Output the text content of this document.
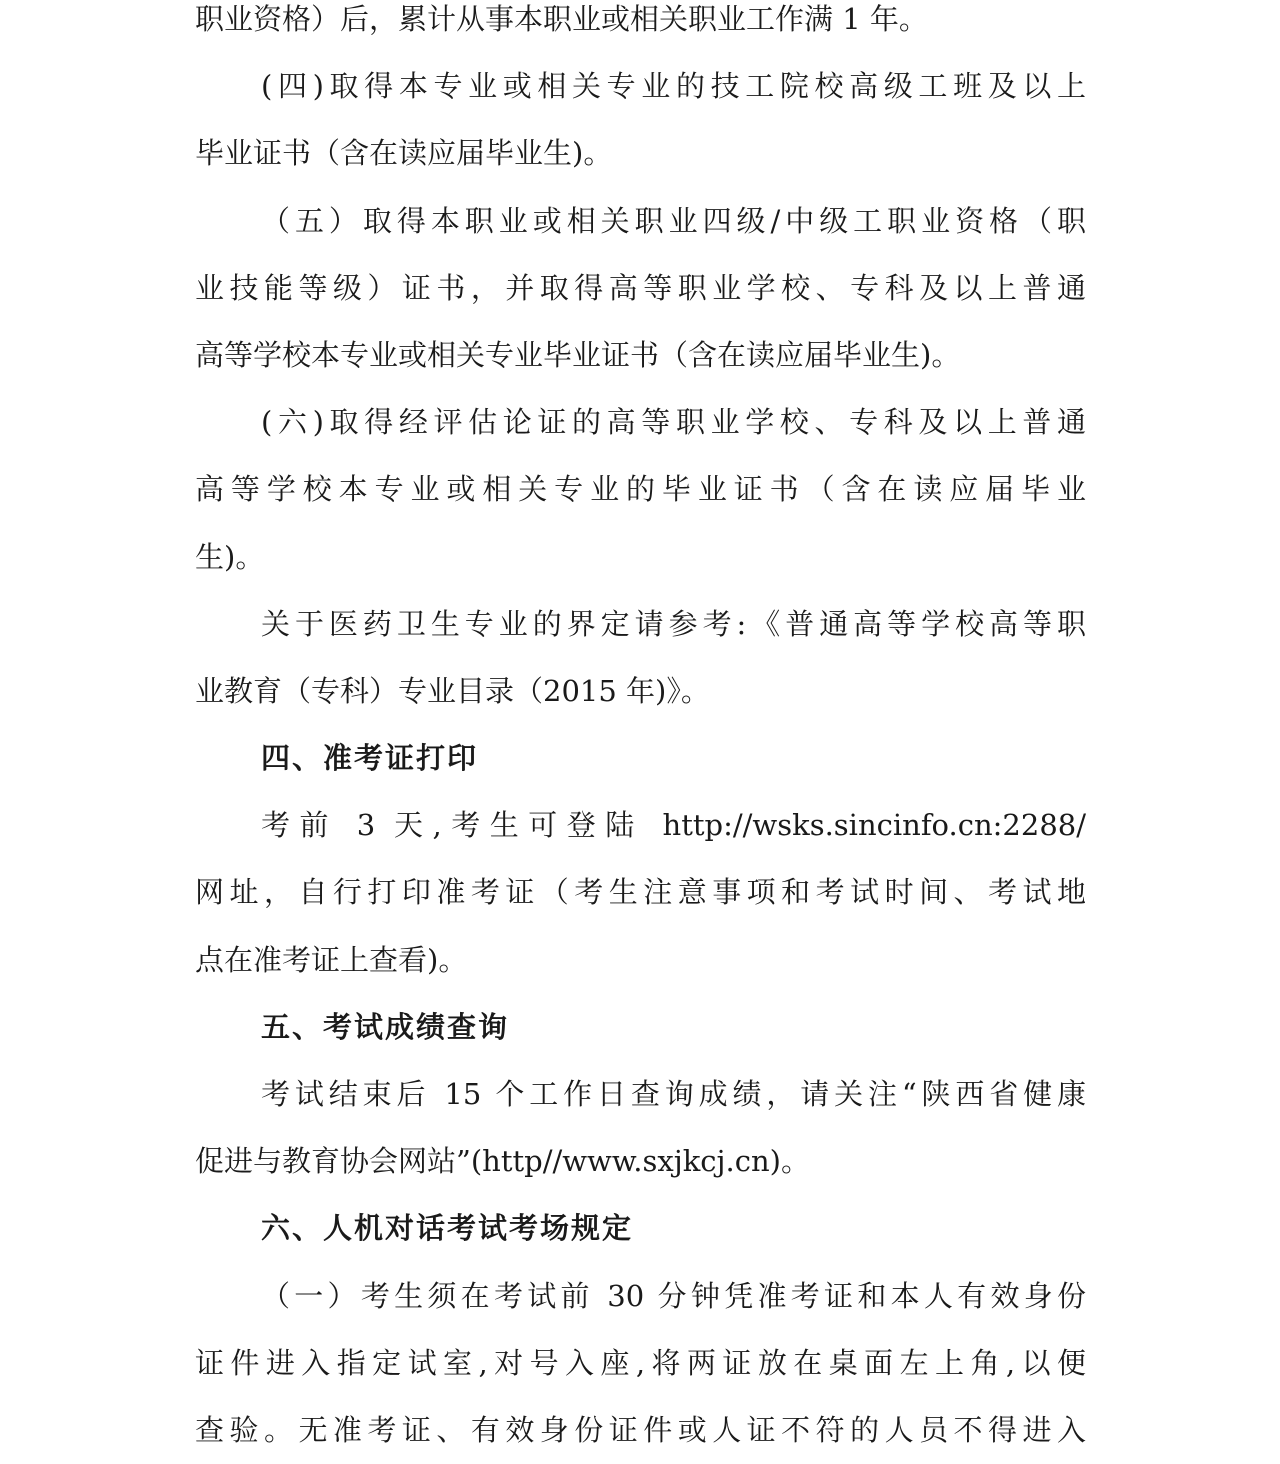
职业资格）后，累计从事本职业或相关职业工作满 1 年。
(四)取得本专业或相关专业的技工院校高级工班及以上
毕业证书（含在读应届毕业生)。
（五）取得本职业或相关职业四级/中级工职业资格（职
业技能等级）证书，并取得高等职业学校、专科及以上普通
高等学校本专业或相关专业毕业证书（含在读应届毕业生)。
(六)取得经评估论证的高等职业学校、专科及以上普通
高等学校本专业或相关专业的毕业证书（含在读应届毕业
生)。
关于医药卫生专业的界定请参考:《普通高等学校高等职
业教育（专科）专业目录（2015 年)》。
四、准考证打印
考前 3 天,考生可登陆 http://wsks.sincinfo.cn:2288/
网址，自行打印准考证（考生注意事项和考试时间、考试地
点在准考证上查看)。
五、考试成绩查询
考试结束后 15 个工作日查询成绩，请关注“陕西省健康
促进与教育协会网站”(http//www.sxjkcj.cn)。
六、人机对话考试考场规定
（一）考生须在考试前 30 分钟凭准考证和本人有效身份
证件进入指定试室,对号入座,将两证放在桌面左上角,以便
查验。无准考证、有效身份证件或人证不符的人员不得进入
